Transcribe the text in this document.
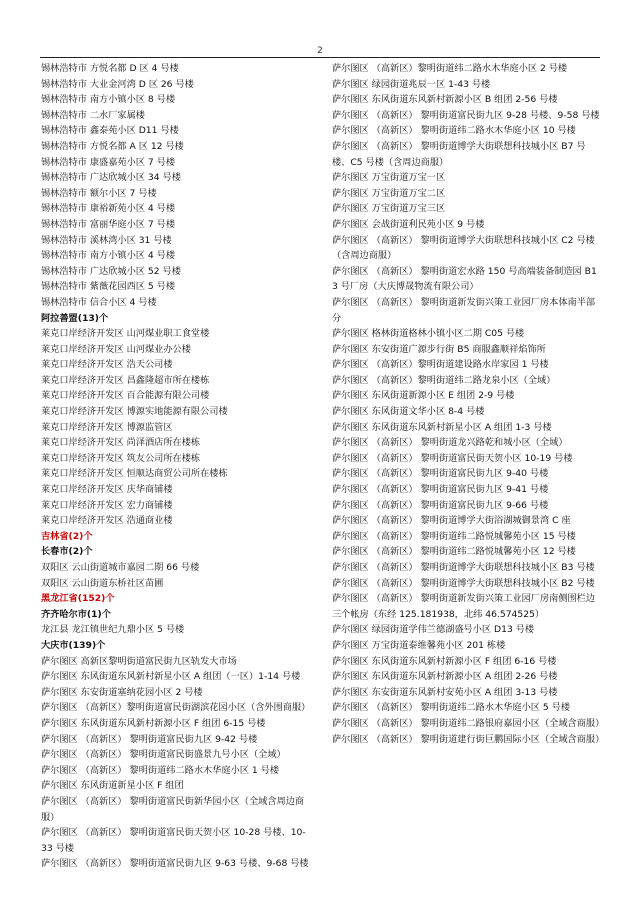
2
锡林浩特市 方悦名都 D 区 4 号楼
锡林浩特市 大业金河湾 D 区 26 号楼
锡林浩特市 南方小镇小区 8 号楼
锡林浩特市 二水厂家属楼
锡林浩特市 鑫泰苑小区 D11 号楼
锡林浩特市 方悦名都 A 区 12 号楼
锡林浩特市 康盛嘉苑小区 7 号楼
锡林浩特市 广达欣城小区 34 号楼
锡林浩特市 额尔小区 7 号楼
锡林浩特市 康裕新苑小区 4 号楼
锡林浩特市 富丽华庭小区 7 号楼
锡林浩特市 溪林湾小区 31 号楼
锡林浩特市 南方小镇小区 4 号楼
锡林浩特市 广达欣城小区 52 号楼
锡林浩特市 紫薇花园西区 5 号楼
锡林浩特市 信合小区 4 号楼
阿拉善盟(13)个
莱克口岸经济开发区 山河煤业职工食堂楼
莱克口岸经济开发区 山河煤业办公楼
莱克口岸经济开发区 浩天公司楼
莱克口岸经济开发区 昌鑫隆超市所在楼栋
莱克口岸经济开发区 百合能源有限公司楼
莱克口岸经济开发区 博源实地能源有限公司楼
莱克口岸经济开发区 博源监管区
莱克口岸经济开发区 尚泽酒店所在楼栋
莱克口岸经济开发区 筑友公司所在楼栋
莱克口岸经济开发区 恒顺达商贸公司所在楼栋
莱克口岸经济开发区 庆华商铺楼
莱克口岸经济开发区 宏力商铺楼
莱克口岸经济开发区 浩通商业楼
吉林省(2)个
长春市(2)个
双阳区 云山街道城市嘉园二期 66 号楼
双阳区 云山街道东桥社区苗圃
黑龙江省(152)个
齐齐哈尔市(1)个
龙江县 龙江镇世纪九鼎小区 5 号楼
大庆市(139)个
萨尔图区 高新区黎明街道富民街九区轨发大市场
萨尔图区 东风街道东风新村新星小区 A 组团（一区）1-14 号楼
萨尔图区 东安街道塞纳花园小区 2 号楼
萨尔图区 （高新区）黎明街道富民街湖滨花园小区（含外围商服）
萨尔图区 东风街道东风新村新源小区 F 组团 6-15 号楼
萨尔图区 （高新区） 黎明街道富民街九区 9-42 号楼
萨尔图区 （高新区） 黎明街道富民街盛景九号小区（全域）
萨尔图区 （高新区） 黎明街道纬二路水木华庭小区 1 号楼
萨尔图区 东风街道新星小区 F 组团
萨尔图区 （高新区） 黎明街道富民街新华园小区（全域含周边商服）
萨尔图区 （高新区） 黎明街道富民街天贺小区 10-28 号楼、10-33 号楼
萨尔图区 （高新区） 黎明街道富民街九区 9-63 号楼、9-68 号楼
萨尔图区 （高新区）黎明街道纬二路水木华庭小区 2 号楼
萨尔图区 绿园街道兆辰一区 1-43 号楼
萨尔图区 东风街道东风新村新源小区 B 组团 2-56 号楼
萨尔图区 （高新区） 黎明街道富民街九区 9-28 号楼、9-58 号楼
萨尔图区 （高新区） 黎明街道纬二路水木华庭小区 10 号楼
萨尔图区 （高新区） 黎明街道博学大街联想科技城小区 B7 号楼、C5 号楼（含周边商服）
萨尔图区 万宝街道万宝一区
萨尔图区 万宝街道万宝二区
萨尔图区 万宝街道万宝三区
萨尔图区 会战街道利民苑小区 9 号楼
萨尔图区 （高新区） 黎明街道博学大街联想科技城小区 C2 号楼（含周边商服）
萨尔图区 （高新区） 黎明街道宏水路 150 号高端装备制造园 B13 号厂房（大庆博晟物流有限公司）
萨尔图区 （高新区） 黎明街道新发街兴策工业园厂房本体南半部分
萨尔图区 格林街道格林小镇小区二期 C05 号楼
萨尔图区 东安街道广源步行街 B5 商服鑫顺祥焰饰所
萨尔图区 （高新区）黎明街道建设路水岸家园 1 号楼
萨尔图区 （高新区）黎明街道纬二路龙泉小区（全域）
萨尔图区 东风街道新源小区 E 组团 2-9 号楼
萨尔图区 东风街道文华小区 8-4 号楼
萨尔图区 东风街道东风新村新星小区 A 组团 1-3 号楼
萨尔图区 （高新区） 黎明街道龙兴路乾和城小区（全域）
萨尔图区 （高新区） 黎明街道富民街天贺小区 10-19 号楼
萨尔图区 （高新区） 黎明街道富民街九区 9-40 号楼
萨尔图区 （高新区） 黎明街道富民街九区 9-41 号楼
萨尔图区 （高新区） 黎明街道富民街九区 9-66 号楼
萨尔图区 （高新区） 黎明街道博学大街浴湖城御景湾 C 座
萨尔图区 （高新区） 黎明街道纬二路悦城馨苑小区 15 号楼
萨尔图区 （高新区） 黎明街道纬二路悦城馨苑小区 12 号楼
萨尔图区 （高新区） 黎明街道博学大街联想科技城小区 B3 号楼
萨尔图区 （高新区） 黎明街道博学大街联想科技城小区 B2 号楼
萨尔图区 （高新区） 黎明街道新发街兴策工业园厂房南侧围栏边三个帐房（东经 125.181938，北纬 46.574525）
萨尔图区 绿园街道学伟兰德湖盛号小区 D13 号楼
萨尔图区 万宝街道泰维馨苑小区 201 栋楼
萨尔图区 东风街道东风新村新源小区 F 组团 6-16 号楼
萨尔图区 东风街道东风新村新源小区 A 组团 2-26 号楼
萨尔图区 东安街道东风新村安苑小区 A 组团 3-13 号楼
萨尔图区 （高新区） 黎明街道纬二路水木华庭小区 5 号楼
萨尔图区 （高新区） 黎明街道纬二路银府嘉园小区（全域含商服）
萨尔图区 （高新区） 黎明街道建行街巨鹏国际小区（全域含商服）
